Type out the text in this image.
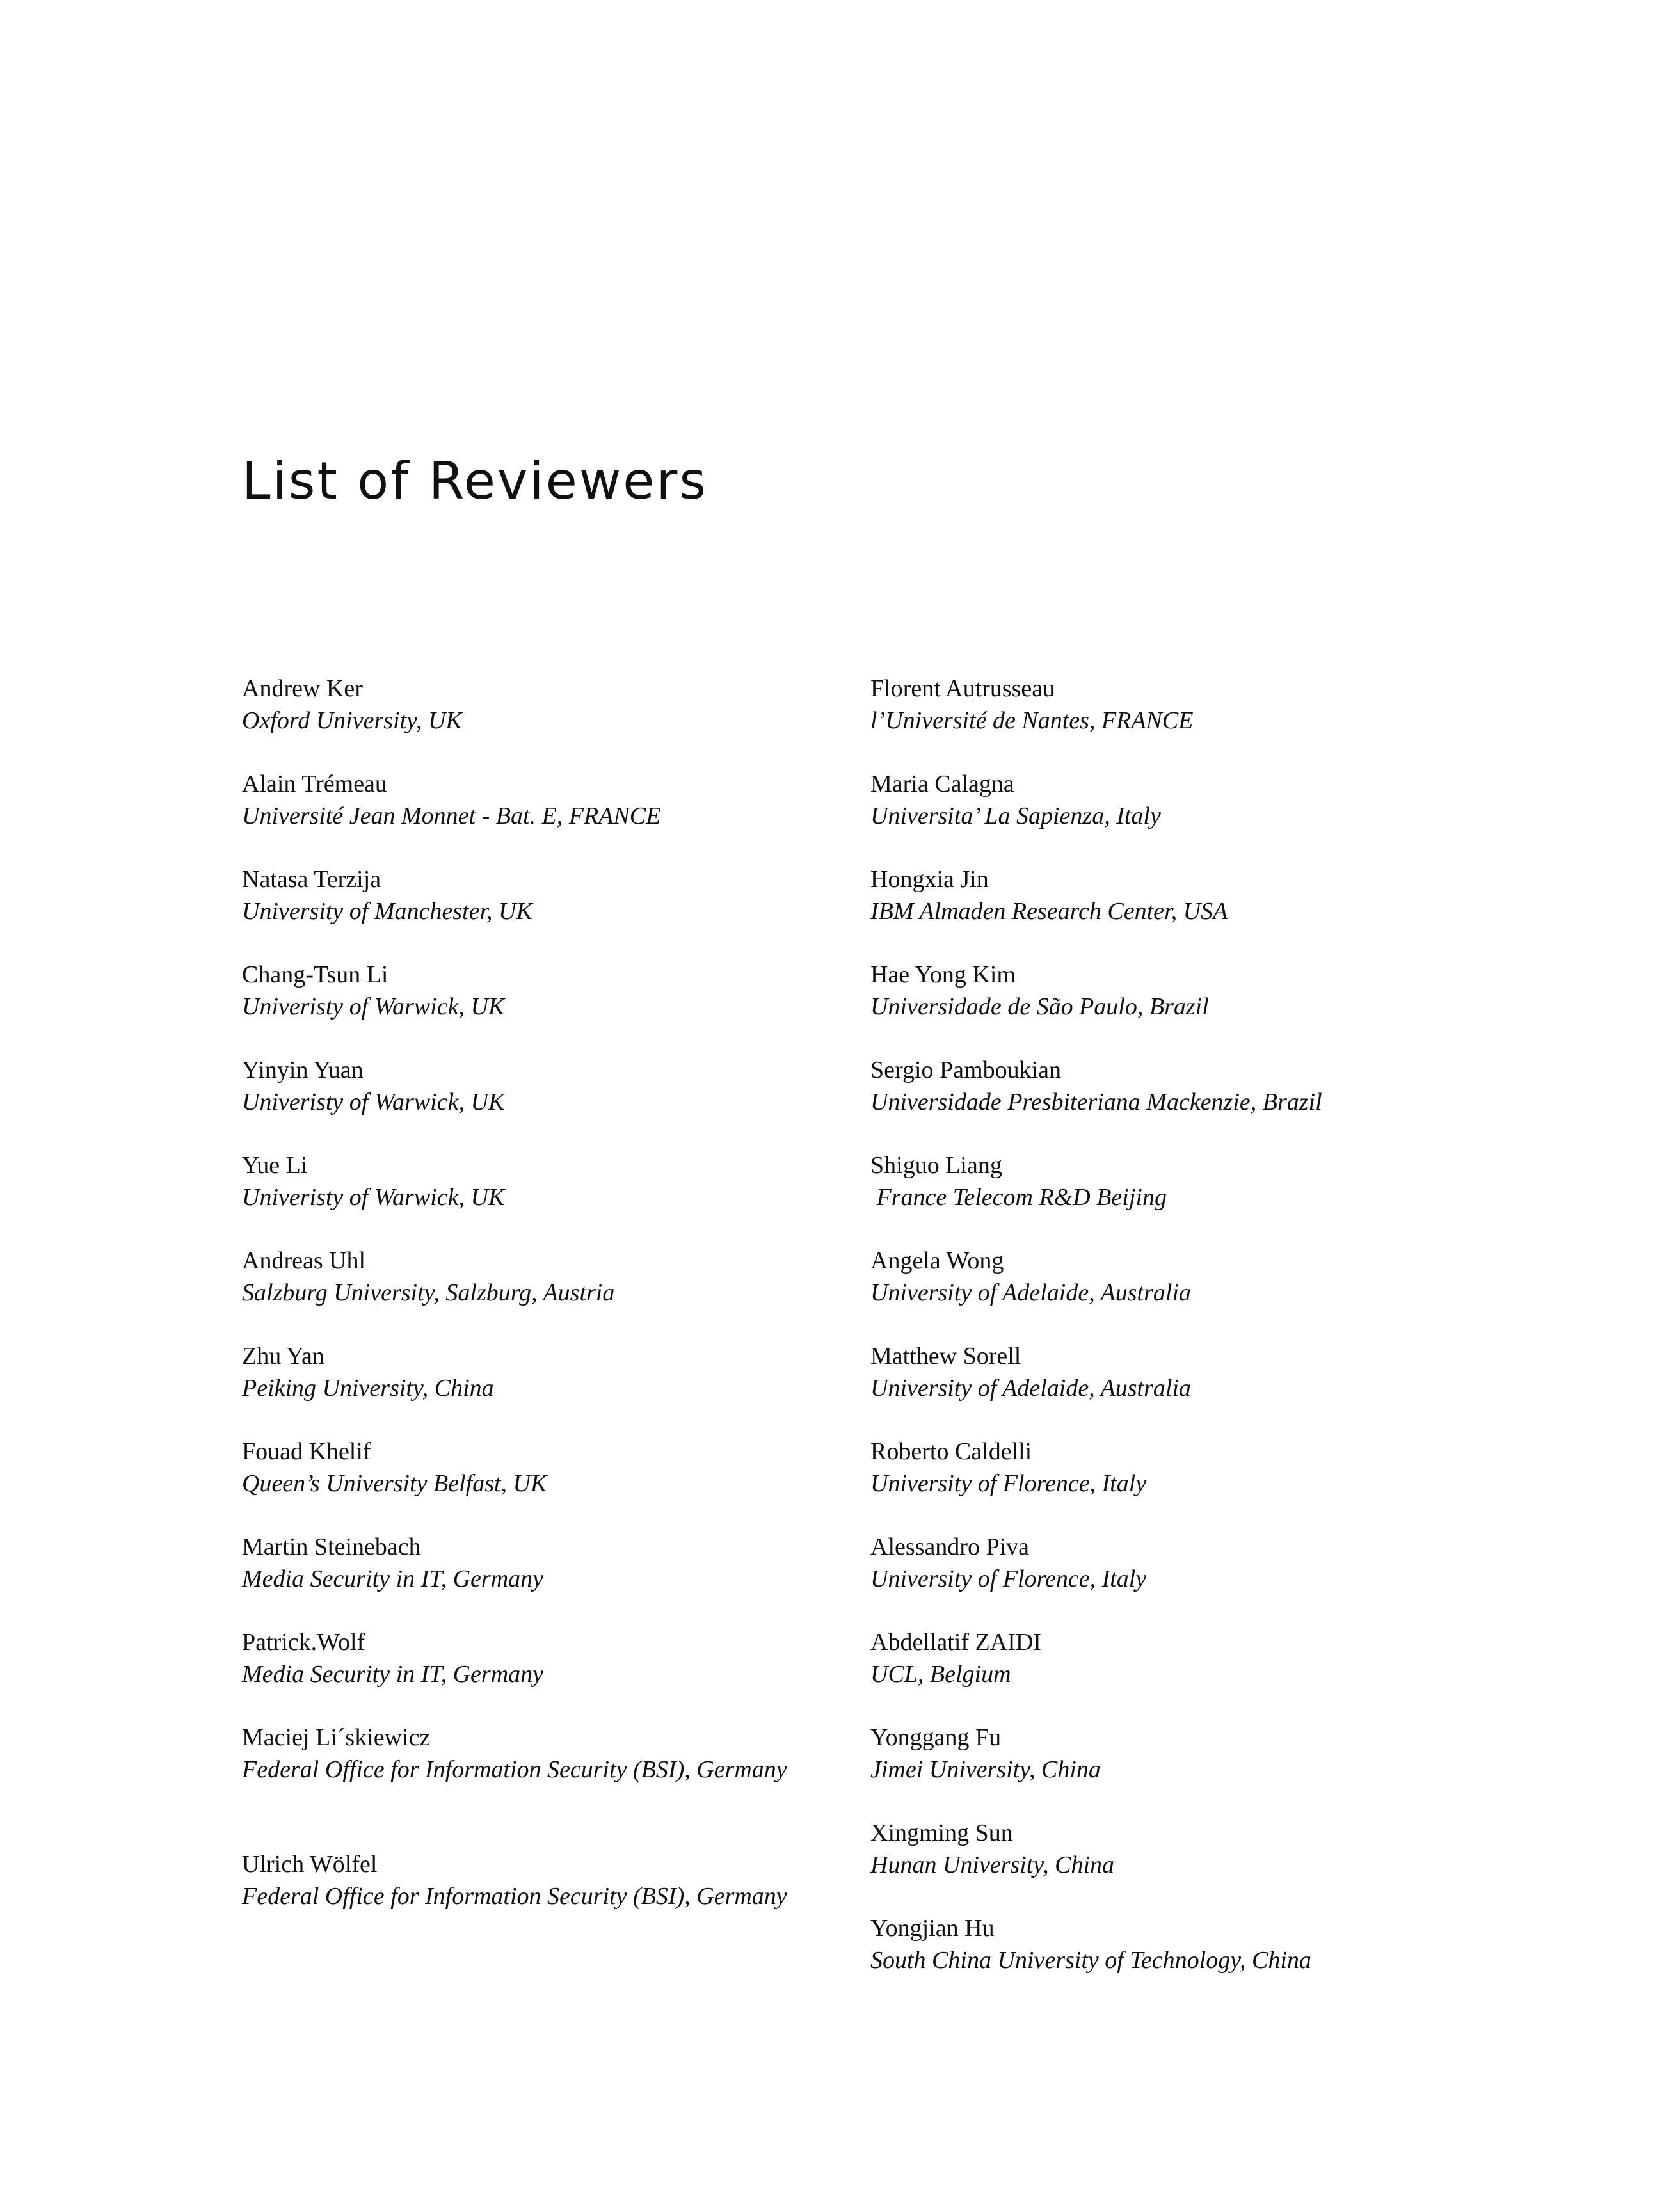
List of Reviewers
Andrew Ker
Oxford University, UK
Alain Trémeau
Université Jean Monnet - Bat. E, FRANCE
Natasa Terzija
University of Manchester, UK
Chang-Tsun Li
Univeristy of Warwick, UK
Yinyin Yuan
Univeristy of Warwick, UK
Yue Li
Univeristy of Warwick, UK
Andreas Uhl
Salzburg University, Salzburg, Austria
Zhu Yan
Peiking University, China
Fouad Khelif
Queen’s University Belfast, UK
Martin Steinebach
Media Security in IT, Germany
Patrick.Wolf
Media Security in IT, Germany
Maciej Li´skiewicz
Federal Office for Information Security (BSI), Germany
Ulrich Wölfel
Federal Office for Information Security (BSI), Germany
Florent Autrusseau
l’Université de Nantes, FRANCE
Maria Calagna
Universita’ La Sapienza, Italy
Hongxia Jin
IBM Almaden Research Center, USA
Hae Yong Kim
Universidade de São Paulo, Brazil
Sergio Pamboukian
Universidade Presbiteriana Mackenzie, Brazil
Shiguo Liang
France Telecom R&D Beijing
Angela Wong
University of Adelaide, Australia
Matthew Sorell
University of Adelaide, Australia
Roberto Caldelli
University of Florence, Italy
Alessandro Piva
University of Florence, Italy
Abdellatif ZAIDI
UCL, Belgium
Yonggang Fu
Jimei University, China
Xingming Sun
Hunan University, China
Yongjian Hu
South China University of Technology, China
